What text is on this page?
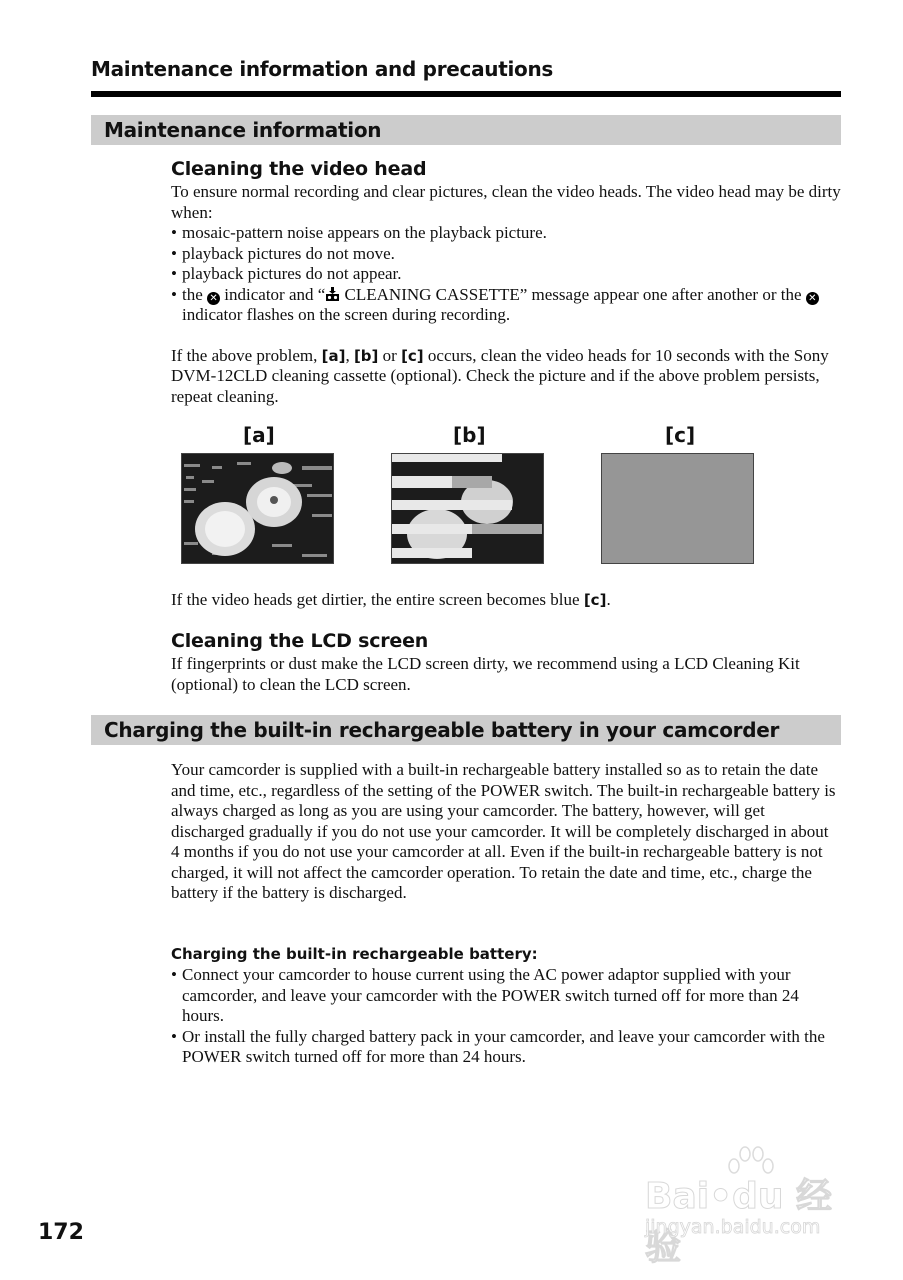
Maintenance information and precautions
Maintenance information
Cleaning the video head
To ensure normal recording and clear pictures, clean the video heads. The video head may be dirty when:
• mosaic-pattern noise appears on the playback picture.
• playback pictures do not move.
• playback pictures do not appear.
• the ✕ indicator and “ CLEANING CASSETTE” message appear one after another or the ✕ indicator flashes on the screen during recording.
If the above problem, [a], [b] or [c] occurs, clean the video heads for 10 seconds with the Sony DVM-12CLD cleaning cassette (optional). Check the picture and if the above problem persists, repeat cleaning.
[a]	[b]	[c]
If the video heads get dirtier, the entire screen becomes blue [c].
Cleaning the LCD screen
If fingerprints or dust make the LCD screen dirty, we recommend using a LCD Cleaning Kit (optional) to clean the LCD screen.
Charging the built-in rechargeable battery in your camcorder
Your camcorder is supplied with a built-in rechargeable battery installed so as to retain the date and time, etc., regardless of the setting of the POWER switch. The built-in rechargeable battery is always charged as long as you are using your camcorder. The battery, however, will get discharged gradually if you do not use your camcorder. It will be completely discharged in about 4 months if you do not use your camcorder at all. Even if the built-in rechargeable battery is not charged, it will not affect the camcorder operation. To retain the date and time, etc., charge the battery if the battery is discharged.
Charging the built-in rechargeable battery:
• Connect your camcorder to house current using the AC power adaptor supplied with your camcorder, and leave your camcorder with the POWER switch turned off for more than 24 hours.
• Or install the fully charged battery pack in your camcorder, and leave your camcorder with the POWER switch turned off for more than 24 hours.
172
Bai•du 经验
jingyan.baidu.com
